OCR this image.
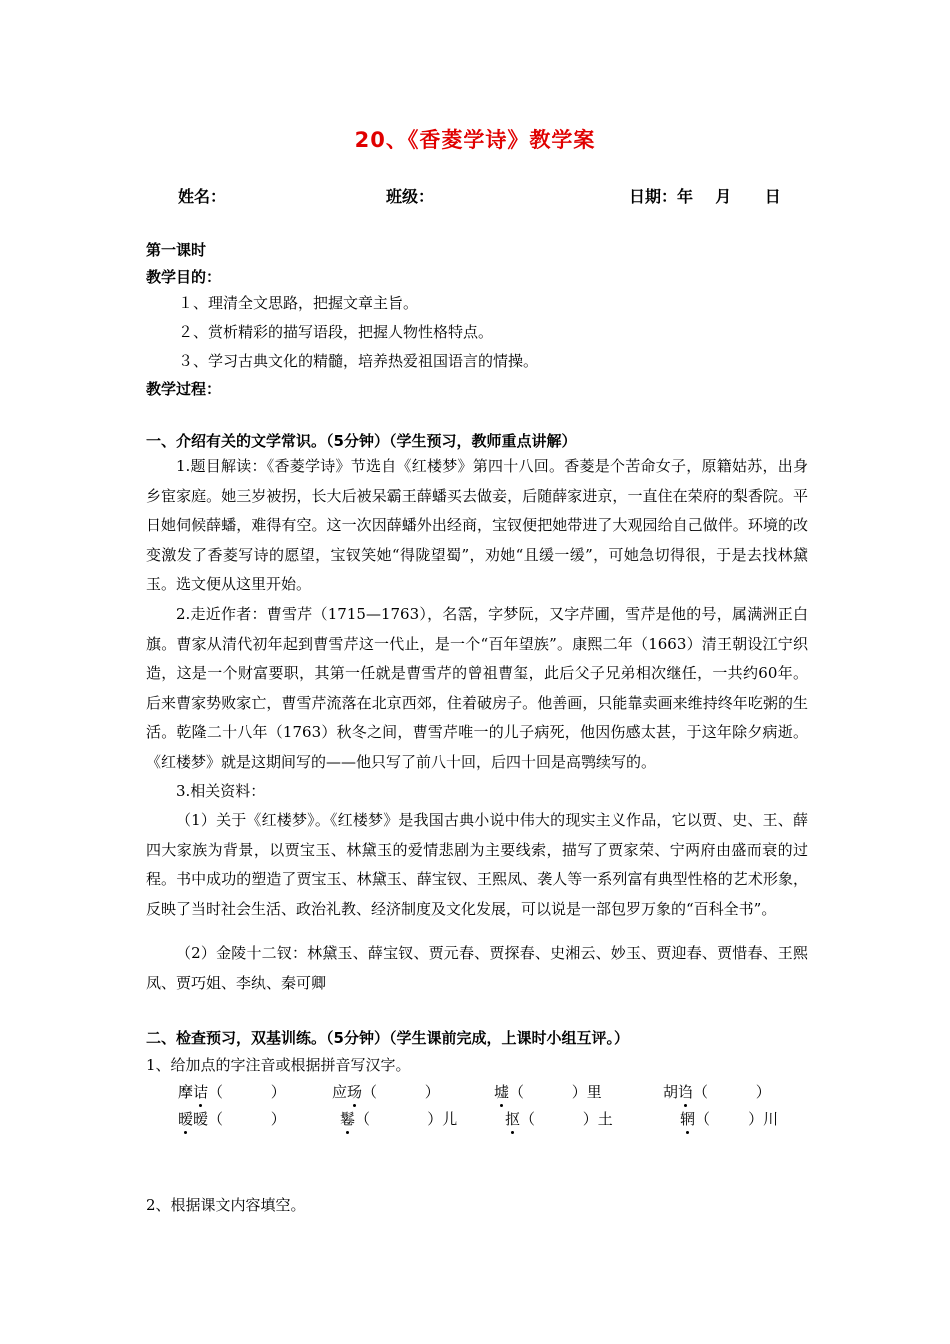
20、《香菱学诗》教学案
姓名：	班级：	日期：年    月      日
第一课时
教学目的：
１、理清全文思路，把握文章主旨。
２、赏析精彩的描写语段，把握人物性格特点。
３、学习古典文化的精髓，培养热爱祖国语言的情操。
教学过程：
一、介绍有关的文学常识。（5分钟）（学生预习，教师重点讲解）
1.题目解读：《香菱学诗》节选自《红楼梦》第四十八回。香菱是个苦命女子，原籍姑苏，出身乡宦家庭。她三岁被拐，长大后被呆霸王薛蟠买去做妾，后随薛家进京，一直住在荣府的梨香院。平日她伺候薛蟠，难得有空。这一次因薛蟠外出经商，宝钗便把她带进了大观园给自己做伴。环境的改变激发了香菱写诗的愿望，宝钗笑她“得陇望蜀”，劝她“且缓一缓”，可她急切得很，于是去找林黛玉。选文便从这里开始。
2.走近作者：曹雪芹（1715—1763），名霑，字梦阮，又字芹圃，雪芹是他的号，属满洲正白旗。曹家从清代初年起到曹雪芹这一代止，是一个“百年望族”。康熙二年（1663）清王朝设江宁织造，这是一个财富要职，其第一任就是曹雪芹的曾祖曹玺，此后父子兄弟相次继任，一共约60年。后来曹家势败家亡，曹雪芹流落在北京西郊，住着破房子。他善画，只能靠卖画来维持终年吃粥的生活。乾隆二十八年（1763）秋冬之间，曹雪芹唯一的儿子病死，他因伤感太甚，于这年除夕病逝。《红楼梦》就是这期间写的——他只写了前八十回，后四十回是高鹗续写的。
3.相关资料：
（1）关于《红楼梦》。《红楼梦》是我国古典小说中伟大的现实主义作品，它以贾、史、王、薛四大家族为背景，以贾宝玉、林黛玉的爱情悲剧为主要线索，描写了贾家荣、宁两府由盛而衰的过程。书中成功的塑造了贾宝玉、林黛玉、薛宝钗、王熙凤、袭人等一系列富有典型性格的艺术形象，反映了当时社会生活、政治礼教、经济制度及文化发展，可以说是一部包罗万象的“百科全书”。
（2）金陵十二钗：林黛玉、薛宝钗、贾元春、贾探春、史湘云、妙玉、贾迎春、贾惜春、王熙凤、贾巧姐、李纨、秦可卿
二、检查预习，双基训练。（5分钟）（学生课前完成，上课时小组互评。）
1、给加点的字注音或根据拼音写汉字。
摩诘（          ）	应玚（          ）	墟（          ）里	胡诌（          ）
暧暧（          ）	鬈（            ）儿	抠（          ）土	辋（        ）川
2、根据课文内容填空。
